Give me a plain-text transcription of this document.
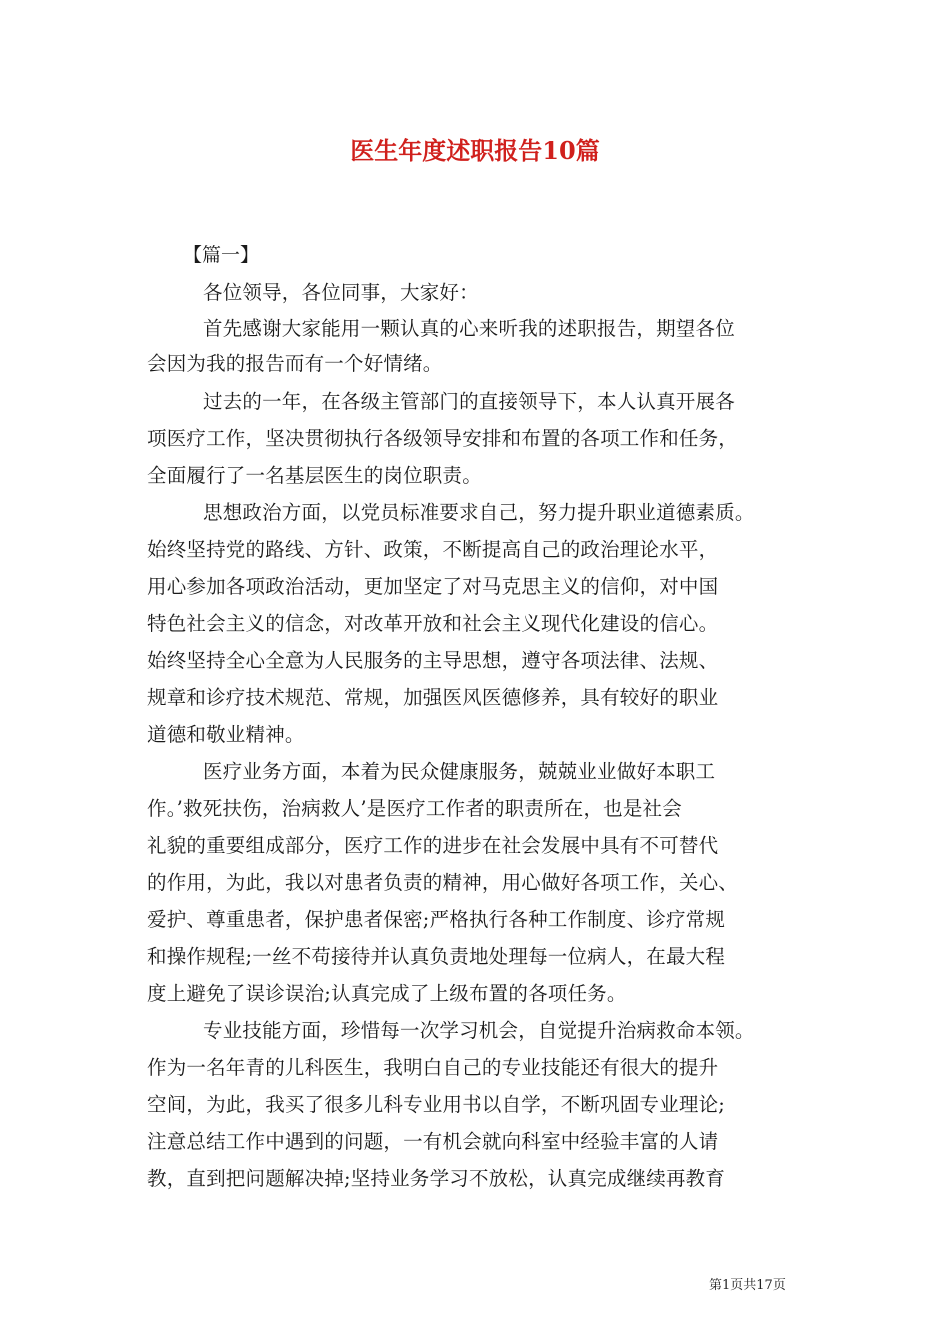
医生年度述职报告10篇
【篇一】
各位领导，各位同事，大家好：
首先感谢大家能用一颗认真的心来听我的述职报告，期望各位
会因为我的报告而有一个好情绪。
过去的一年，在各级主管部门的直接领导下，本人认真开展各
项医疗工作，坚决贯彻执行各级领导安排和布置的各项工作和任务，
全面履行了一名基层医生的岗位职责。
思想政治方面，以党员标准要求自己，努力提升职业道德素质。
始终坚持党的路线、方针、政策，不断提高自己的政治理论水平，
用心参加各项政治活动，更加坚定了对马克思主义的信仰，对中国
特色社会主义的信念，对改革开放和社会主义现代化建设的信心。
始终坚持全心全意为人民服务的主导思想，遵守各项法律、法规、
规章和诊疗技术规范、常规，加强医风医德修养，具有较好的职业
道德和敬业精神。
医疗业务方面，本着为民众健康服务，兢兢业业做好本职工
作。’救死扶伤，治病救人’是医疗工作者的职责所在，也是社会
礼貌的重要组成部分，医疗工作的进步在社会发展中具有不可替代
的作用，为此，我以对患者负责的精神，用心做好各项工作，关心、
爱护、尊重患者，保护患者保密;严格执行各种工作制度、诊疗常规
和操作规程;一丝不苟接待并认真负责地处理每一位病人，在最大程
度上避免了误诊误治;认真完成了上级布置的各项任务。
专业技能方面，珍惜每一次学习机会，自觉提升治病救命本领。
作为一名年青的儿科医生，我明白自己的专业技能还有很大的提升
空间，为此，我买了很多儿科专业用书以自学，不断巩固专业理论;
注意总结工作中遇到的问题，一有机会就向科室中经验丰富的人请
教，直到把问题解决掉;坚持业务学习不放松，认真完成继续再教育
第1页共17页
